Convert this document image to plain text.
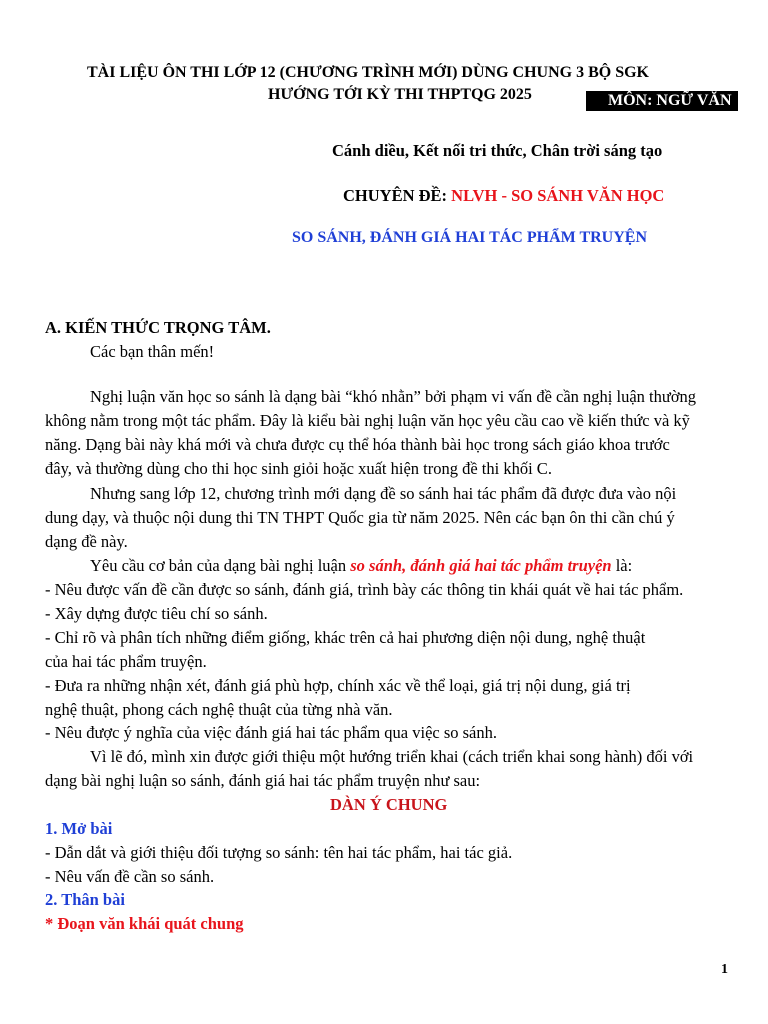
TÀI LIỆU ÔN THI LỚP 12 (CHƯƠNG TRÌNH MỚI) DÙNG CHUNG 3 BỘ SGK
HƯỚNG TỚI KỲ THI THPTQG 2025	MÔN: NGỮ VĂN
Cánh diều, Kết nối tri thức, Chân trời sáng tạo
CHUYÊN ĐỀ: NLVH - SO SÁNH VĂN HỌC
SO SÁNH, ĐÁNH GIÁ HAI TÁC PHẨM TRUYỆN
A. KIẾN THỨC TRỌNG TÂM.
Các bạn thân mến!
Nghị luận văn học so sánh là dạng bài “khó nhằn” bởi phạm vi vấn đề cần nghị luận thường
không nằm trong một tác phẩm. Đây là kiểu bài nghị luận văn học yêu cầu cao về kiến thức và kỹ
năng. Dạng bài này khá mới và chưa được cụ thể hóa thành bài học trong sách giáo khoa trước
đây, và thường dùng cho thi học sinh giỏi hoặc xuất hiện trong đề thi khối C.
Nhưng sang lớp 12, chương trình mới dạng đề so sánh hai tác phẩm đã được đưa vào nội
dung dạy, và thuộc nội dung thi TN THPT Quốc gia từ năm 2025. Nên các bạn ôn thi cần chú ý
dạng đề này.
Yêu cầu cơ bản của dạng bài nghị luận so sánh, đánh giá hai tác phẩm truyện là:
- Nêu được vấn đề cần được so sánh, đánh giá, trình bày các thông tin khái quát về hai tác phẩm.
- Xây dựng được tiêu chí so sánh.
- Chỉ rõ và phân tích những điểm giống, khác trên cả hai phương diện nội dung, nghệ thuật
của hai tác phẩm truyện.
- Đưa ra những nhận xét, đánh giá phù hợp, chính xác về thể loại, giá trị nội dung, giá trị
nghệ thuật, phong cách nghệ thuật của từng nhà văn.
- Nêu được ý nghĩa của việc đánh giá hai tác phẩm qua việc so sánh.
Vì lẽ đó, mình xin được giới thiệu một hướng triển khai (cách triển khai song hành) đối với
dạng bài nghị luận so sánh, đánh giá hai tác phẩm truyện như sau:
DÀN Ý CHUNG
1. Mở bài
- Dẫn dắt và giới thiệu đối tượng so sánh: tên hai tác phẩm, hai tác giả.
- Nêu vấn đề cần so sánh.
2. Thân bài
* Đoạn văn khái quát chung
1
